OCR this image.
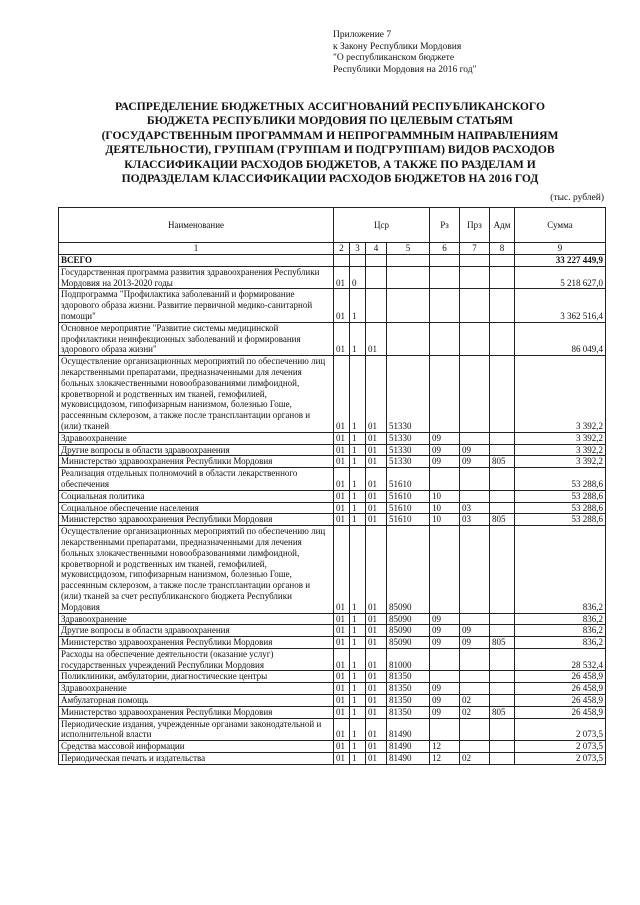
Приложение 7
к Закону Республики Мордовия
"О республиканском бюджете
Республики Мордовия на 2016 год"
РАСПРЕДЕЛЕНИЕ БЮДЖЕТНЫХ АССИГНОВАНИЙ РЕСПУБЛИКАНСКОГО
БЮДЖЕТА РЕСПУБЛИКИ МОРДОВИЯ ПО ЦЕЛЕВЫМ СТАТЬЯМ
(ГОСУДАРСТВЕННЫМ ПРОГРАММАМ И НЕПРОГРАММНЫМ НАПРАВЛЕНИЯМ
ДЕЯТЕЛЬНОСТИ), ГРУППАМ (ГРУППАМ И ПОДГРУППАМ) ВИДОВ РАСХОДОВ
КЛАССИФИКАЦИИ РАСХОДОВ БЮДЖЕТОВ, А ТАКЖЕ ПО РАЗДЕЛАМ И
ПОДРАЗДЕЛАМ КЛАССИФИКАЦИИ РАСХОДОВ БЮДЖЕТОВ НА 2016 ГОД
(тыс. рублей)
Наименование	Цср				Рз	Прз	Адм	Сумма
1	2	3	4	5	6	7	8	9
ВСЕГО								33 227 449,9
Государственная программа развития здравоохранения Республики Мордовия на 2013-2020 годы	01	0						5 218 627,0
Подпрограмма "Профилактика заболеваний и формирование здорового образа жизни. Развитие первичной медико-санитарной помощи"	01	1						3 362 516,4
Основное мероприятие "Развитие системы медицинской профилактики неинфекционных заболеваний и формирования здорового образа жизни"	01	1	01					86 049,4
Осуществление организационных мероприятий по обеспечению лиц лекарственными препаратами, предназначенными для лечения больных злокачественными новообразованиями лимфоидной, кроветворной и родственных им тканей, гемофилией, муковисцидозом, гипофизарным нанизмом, болезнью Гоше, рассеянным склерозом, а также после трансплантации органов и (или) тканей	01	1	01	51330				3 392,2
Здравоохранение	01	1	01	51330	09			3 392,2
Другие вопросы в области здравоохранения	01	1	01	51330	09	09		3 392,2
Министерство здравоохранения Республики Мордовия	01	1	01	51330	09	09	805	3 392,2
Реализация отдельных полномочий в области лекарственного обеспечения	01	1	01	51610				53 288,6
Социальная политика	01	1	01	51610	10			53 288,6
Социальное обеспечение населения	01	1	01	51610	10	03		53 288,6
Министерство здравоохранения Республики Мордовия	01	1	01	51610	10	03	805	53 288,6
Осуществление организационных мероприятий по обеспечению лиц лекарственными препаратами, предназначенными для лечения больных злокачественными новообразованиями лимфоидной, кроветворной и родственных им тканей, гемофилией, муковисцидозом, гипофизарным нанизмом, болезнью Гоше, рассеянным склерозом, а также после трансплантации органов и (или) тканей за счет республиканского бюджета Республики Мордовия	01	1	01	85090				836,2
Здравоохранение	01	1	01	85090	09			836,2
Другие вопросы в области здравоохранения	01	1	01	85090	09	09		836,2
Министерство здравоохранения Республики Мордовия	01	1	01	85090	09	09	805	836,2
Расходы на обеспечение деятельности (оказание услуг) государственных учреждений Республики Мордовия	01	1	01	81000				28 532,4
Поликлиники, амбулатории, диагностические центры	01	1	01	81350				26 458,9
Здравоохранение	01	1	01	81350	09			26 458,9
Амбулаторная помощь	01	1	01	81350	09	02		26 458,9
Министерство здравоохранения Республики Мордовия	01	1	01	81350	09	02	805	26 458,9
Периодические издания, учрежденные органами законодательной и исполнительной власти	01	1	01	81490				2 073,5
Средства массовой информации	01	1	01	81490	12			2 073,5
Периодическая печать и издательства	01	1	01	81490	12	02		2 073,5
